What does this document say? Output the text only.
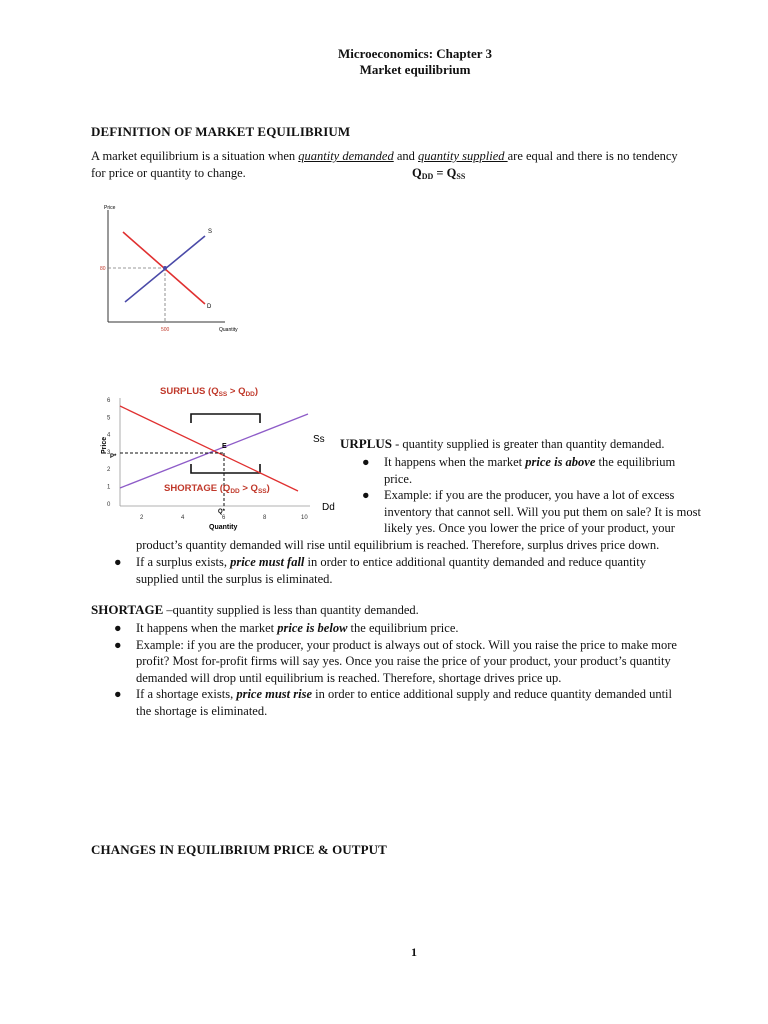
Microeconomics: Chapter 3
Market equilibrium
DEFINITION OF MARKET EQUILIBRIUM
A market equilibrium is a situation when quantity demanded and quantity supplied are equal and there is no tendency
for price or quantity to change.	$Q_{DD} = Q_{SS}$
Price
Quantity
80
500
S
D
SURPLUS $(Q_{SS} > Q_{DD})$
6
5
4
3
2
1
0
2	4	6	8	10
Price
Quantity
E
P*
Q*
SHORTAGE $(Q_{DD} > Q_{SS})$
Ss
Dd
URPLUS - quantity supplied is greater than quantity demanded.
● It happens when the market price is above the equilibrium
price.
● Example: if you are the producer, you have a lot of excess
inventory that cannot sell. Will you put them on sale? It is most
likely yes. Once you lower the price of your product, your
product’s quantity demanded will rise until equilibrium is reached. Therefore, surplus drives price down.
● If a surplus exists, price must fall in order to entice additional quantity demanded and reduce quantity
supplied until the surplus is eliminated.
SHORTAGE –quantity supplied is less than quantity demanded.
● It happens when the market price is below the equilibrium price.
● Example: if you are the producer, your product is always out of stock. Will you raise the price to make more
profit? Most for-profit firms will say yes. Once you raise the price of your product, your product’s quantity
demanded will drop until equilibrium is reached. Therefore, shortage drives price up.
● If a shortage exists, price must rise in order to entice additional supply and reduce quantity demanded until
the shortage is eliminated.
CHANGES IN EQUILIBRIUM PRICE & OUTPUT
1
